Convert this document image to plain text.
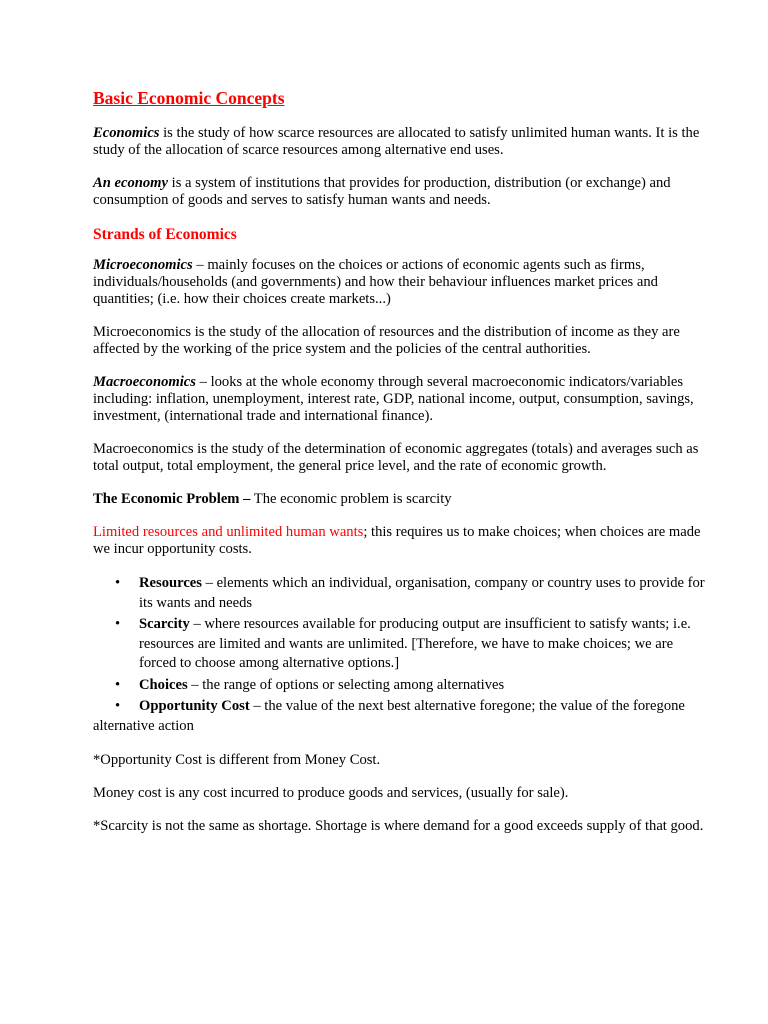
Basic Economic Concepts

Economics is the study of how scarce resources are allocated to satisfy unlimited human wants. It is the study of the allocation of scarce resources among alternative end uses.

An economy is a system of institutions that provides for production, distribution (or exchange) and consumption of goods and serves to satisfy human wants and needs.

Strands of Economics

Microeconomics – mainly focuses on the choices or actions of economic agents such as firms, individuals/households (and governments) and how their behaviour influences market prices and quantities; (i.e. how their choices create markets...)

Microeconomics is the study of the allocation of resources and the distribution of income as they are affected by the working of the price system and the policies of the central authorities.

Macroeconomics – looks at the whole economy through several macroeconomic indicators/variables including: inflation, unemployment, interest rate, GDP, national income, output, consumption, savings, investment, (international trade and international finance).

Macroeconomics is the study of the determination of economic aggregates (totals) and averages such as total output, total employment, the general price level, and the rate of economic growth.

The Economic Problem – The economic problem is scarcity

Limited resources and unlimited human wants; this requires us to make choices; when choices are made we incur opportunity costs.

• Resources – elements which an individual, organisation, company or country uses to provide for its wants and needs
• Scarcity – where resources available for producing output are insufficient to satisfy wants; i.e. resources are limited and wants are unlimited. [Therefore, we have to make choices; we are forced to choose among alternative options.]
• Choices – the range of options or selecting among alternatives
• Opportunity Cost – the value of the next best alternative foregone; the value of the foregone alternative action

*Opportunity Cost is different from Money Cost.

Money cost is any cost incurred to produce goods and services, (usually for sale).

*Scarcity is not the same as shortage. Shortage is where demand for a good exceeds supply of that good.
